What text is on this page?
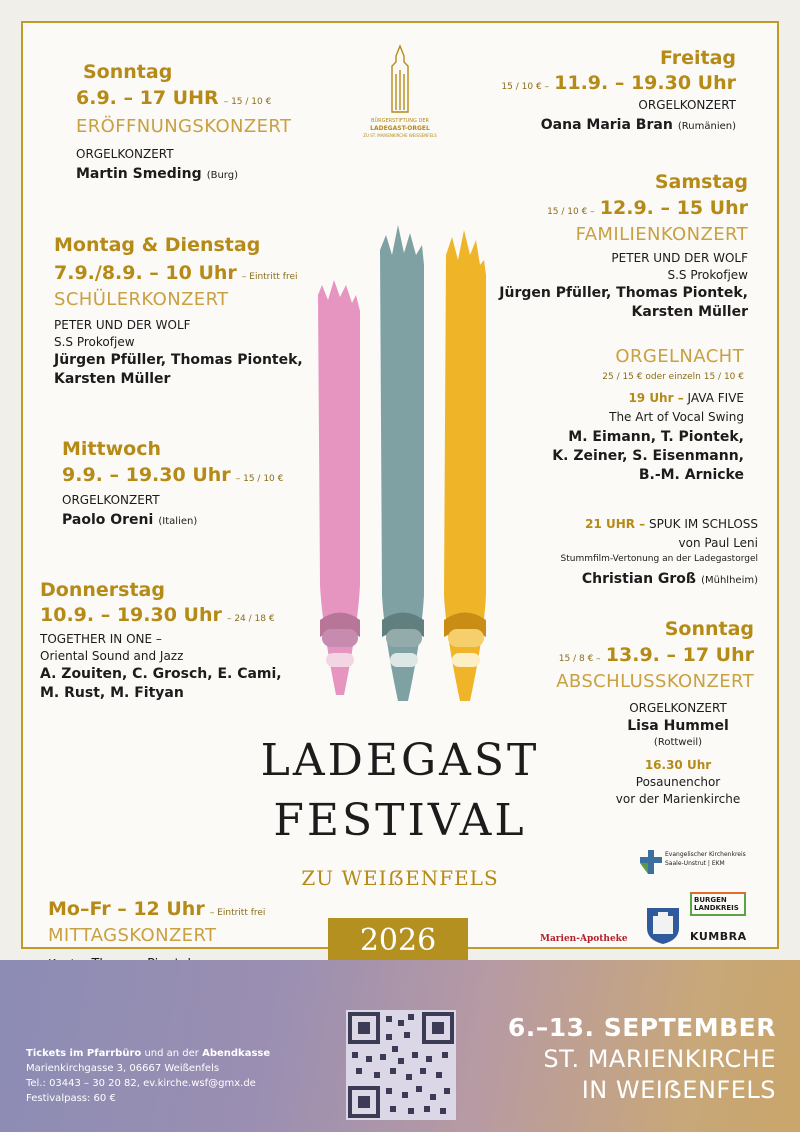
BÜRGERSTIFTUNG DER
LADEGAST-ORGEL
ZU ST. MARIENKIRCHE WEISSENFELS
Sonntag
6.9. – 17 UHR – 15 / 10 €
ERÖFFNUNGSKONZERT
ORGELKONZERT
Martin Smeding (Burg)
Montag & Dienstag
7.9./8.9. – 10 Uhr – Eintritt frei
SCHÜLERKONZERT
PETER UND DER WOLF
S.S Prokofjew
Jürgen Pfüller, Thomas Piontek,
Karsten Müller
Mittwoch
9.9. – 19.30 Uhr – 15 / 10 €
ORGELKONZERT
Paolo Oreni (Italien)
Donnerstag
10.9. – 19.30 Uhr – 24 / 18 €
TOGETHER IN ONE –
Oriental Sound and Jazz
A. Zouiten, C. Grosch, E. Cami,
M. Rust, M. Fityan
Mo–Fr – 12 Uhr – Eintritt frei
MITTAGSKONZERT
Freitag
15 / 10 € – 11.9. – 19.30 Uhr
ORGELKONZERT
Oana Maria Bran (Rumänien)
Samstag
15 / 10 € – 12.9. – 15 Uhr
FAMILIENKONZERT
PETER UND DER WOLF
S.S Prokofjew
Jürgen Pfüller, Thomas Piontek,
Karsten Müller
ORGELNACHT
25 / 15 € oder einzeln 15 / 10 €
19 Uhr – JAVA FIVE
The Art of Vocal Swing
M. Eimann, T. Piontek,
K. Zeiner, S. Eisenmann,
B.-M. Arnicke
21 UHR – SPUK IM SCHLOSS
von Paul Leni
Stummfilm-Vertonung an der Ladegastorgel
Christian Groß (Mühlheim)
Sonntag
15 / 8 € – 13.9. – 17 Uhr
ABSCHLUSSKONZERT
ORGELKONZERT
Lisa Hummel
(Rottweil)
16.30 Uhr
Posaunenchor
vor der Marienkirche
LADEGAST
FESTIVAL
ZU WEIẞENFELS
2026
Evangelischer Kirchenkreis
Saale-Unstrut | EKM
Marien-Apotheke
BURGEN LANDKREIS
KUMBRA
Tickets im Pfarrbüro und an der Abendkasse
Marienkirchgasse 3, 06667 Weißenfels
Tel.: 03443 – 30 20 82, ev.kirche.wsf@gmx.de
Festivalpass: 60 €
6.–13. SEPTEMBER
ST. MARIENKIRCHE
IN WEIẞENFELS
